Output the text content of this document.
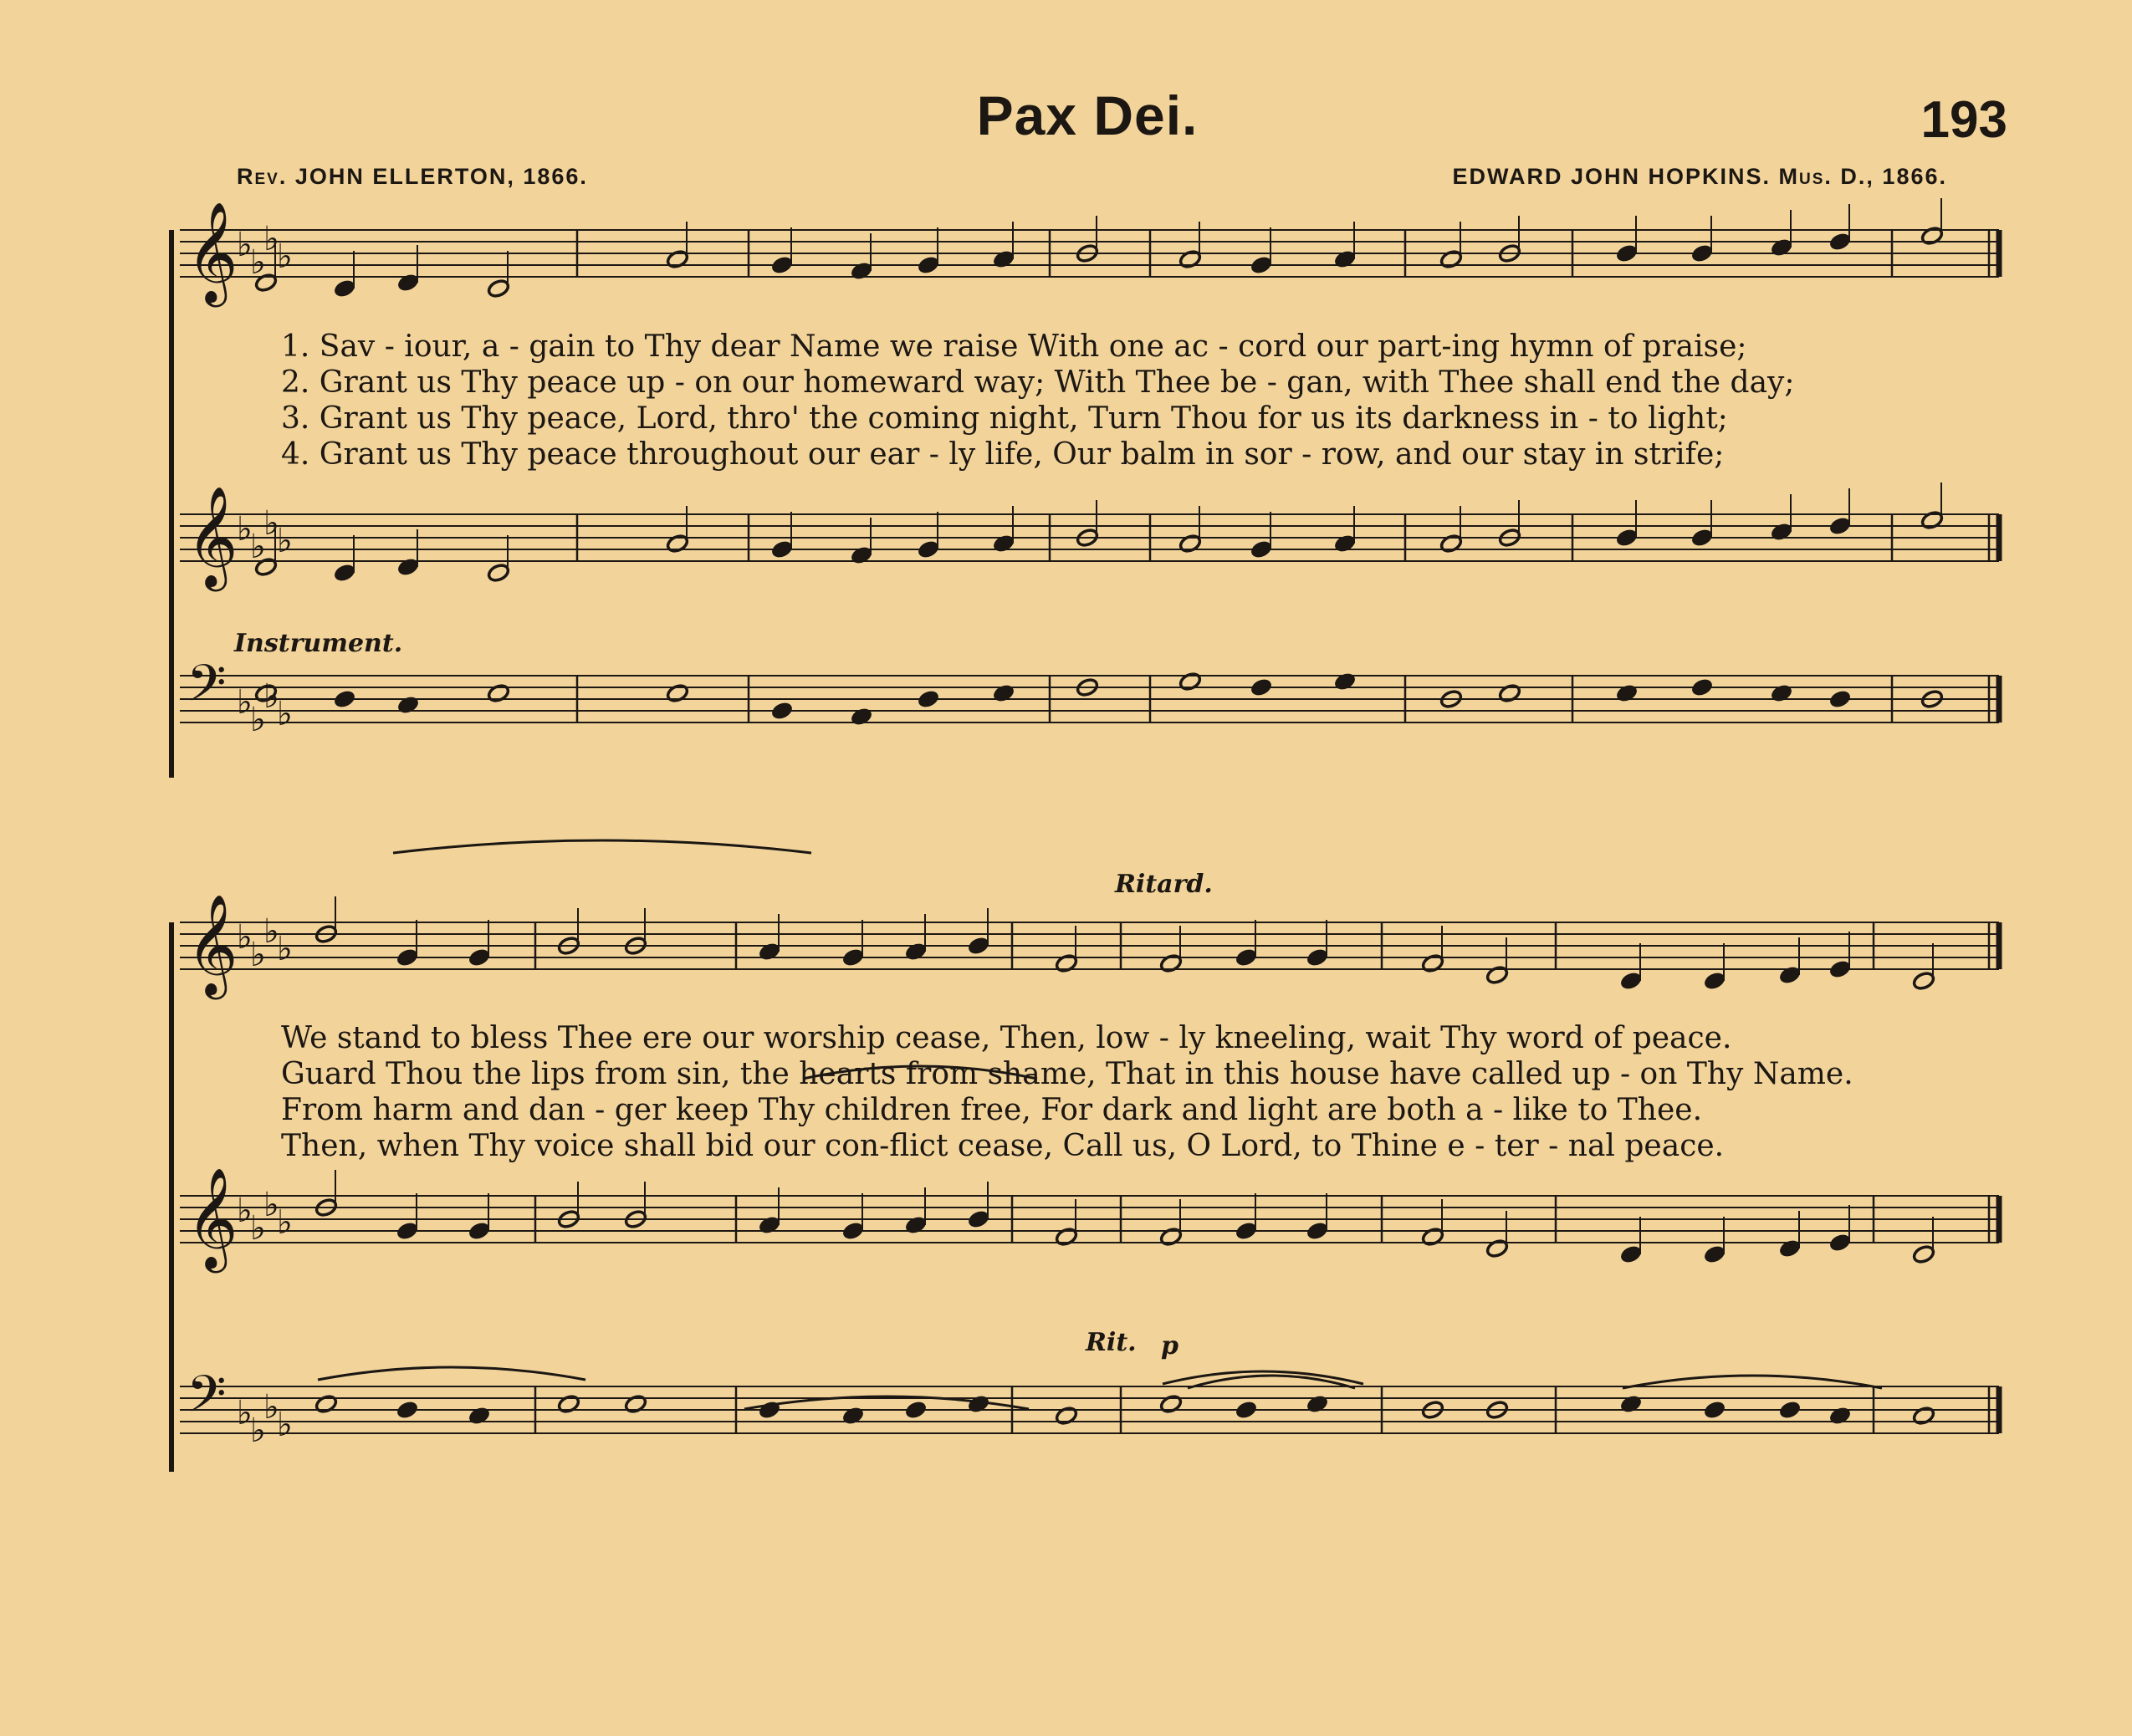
Pax Dei.	193
Rev. JOHN ELLERTON, 1866.	EDWARD JOHN HOPKINS. Mus. D., 1866.
𝄞
♭
♭
♭
♭
𝄞
♭
♭
♭
♭
𝄢 ♭
♭
♭
♭
𝄞
♭
♭
♭
♭
𝄞
♭
♭
♭
♭
𝄢 ♭
♭
♭
♭
1. Sav - iour, a - gain to Thy dear Name we raise With one ac - cord our part-ing hymn of praise;
2. Grant us Thy peace up - on our homeward way; With Thee be - gan, with Thee shall end the day;
3. Grant us Thy peace, Lord, thro' the coming night, Turn Thou for us its darkness in - to light;
4. Grant us Thy peace throughout our ear - ly life, Our balm in sor - row, and our stay in strife;
We stand to bless Thee ere our worship cease, Then, low - ly kneeling, wait Thy word of peace.
Guard Thou the lips from sin, the hearts from shame, That in this house have called up - on Thy Name.
From harm and dan - ger keep Thy children free, For dark and light are both a - like to Thee.
Then, when Thy voice shall bid our con-flict cease, Call us, O Lord, to Thine e - ter - nal peace.
Instrument.
Ritard.
Rit. p
